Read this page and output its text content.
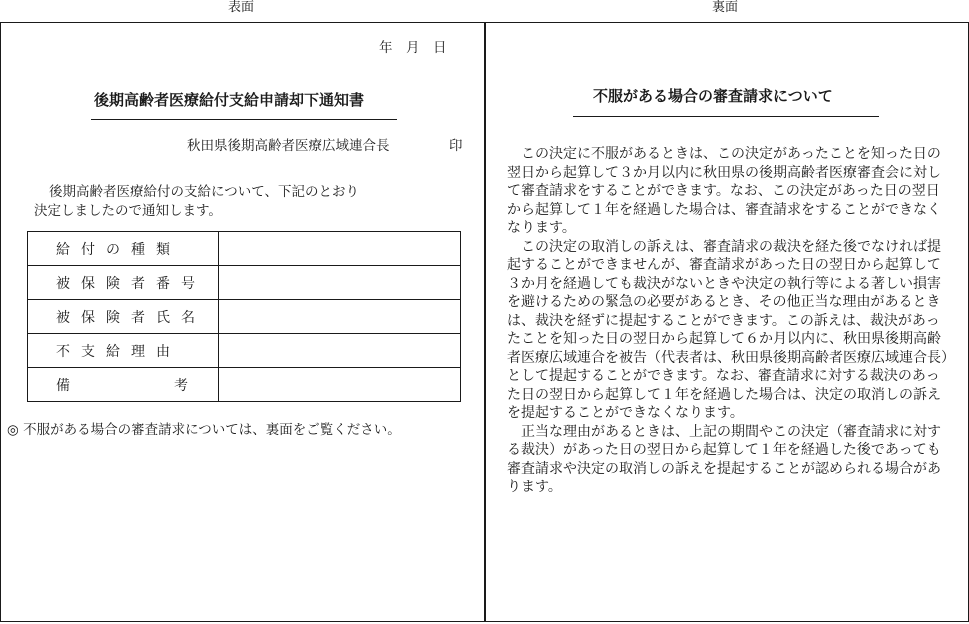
表面	裏面
年　月　日
後期高齢者医療給付支給申請却下通知書
秋田県後期高齢者医療広域連合長	印
後期高齢者医療給付の支給について、下記のとおり
決定しましたので通知します。
給付の種類	

被保険者番号	

被保険者氏名	

不支給理由	

備 考	

◎ 不服がある場合の審査請求については、裏面をご覧ください。
不服がある場合の審査請求について

この決定に不服があるときは、この決定があったことを知った日の翌日から起算して３か月以内に秋田県の後期高齢者医療審査会に対して審査請求をすることができます。なお、この決定があった日の翌日から起算して１年を経過した場合は、審査請求をすることができなくなります。

この決定の取消しの訴えは、審査請求の裁決を経た後でなければ提起することができませんが、審査請求があった日の翌日から起算して３か月を経過しても裁決がないときや決定の執行等による著しい損害を避けるための緊急の必要があるとき、その他正当な理由があるときは、裁決を経ずに提起することができます。この訴えは、裁決があったことを知った日の翌日から起算して６か月以内に、秋田県後期高齢者医療広域連合を被告（代表者は、秋田県後期高齢者医療広域連合長）として提起することができます。なお、審査請求に対する裁決のあった日の翌日から起算して１年を経過した場合は、決定の取消しの訴えを提起することができなくなります。

正当な理由があるときは、上記の期間やこの決定（審査請求に対する裁決）があった日の翌日から起算して１年を経過した後であっても審査請求や決定の取消しの訴えを提起することが認められる場合があります。
